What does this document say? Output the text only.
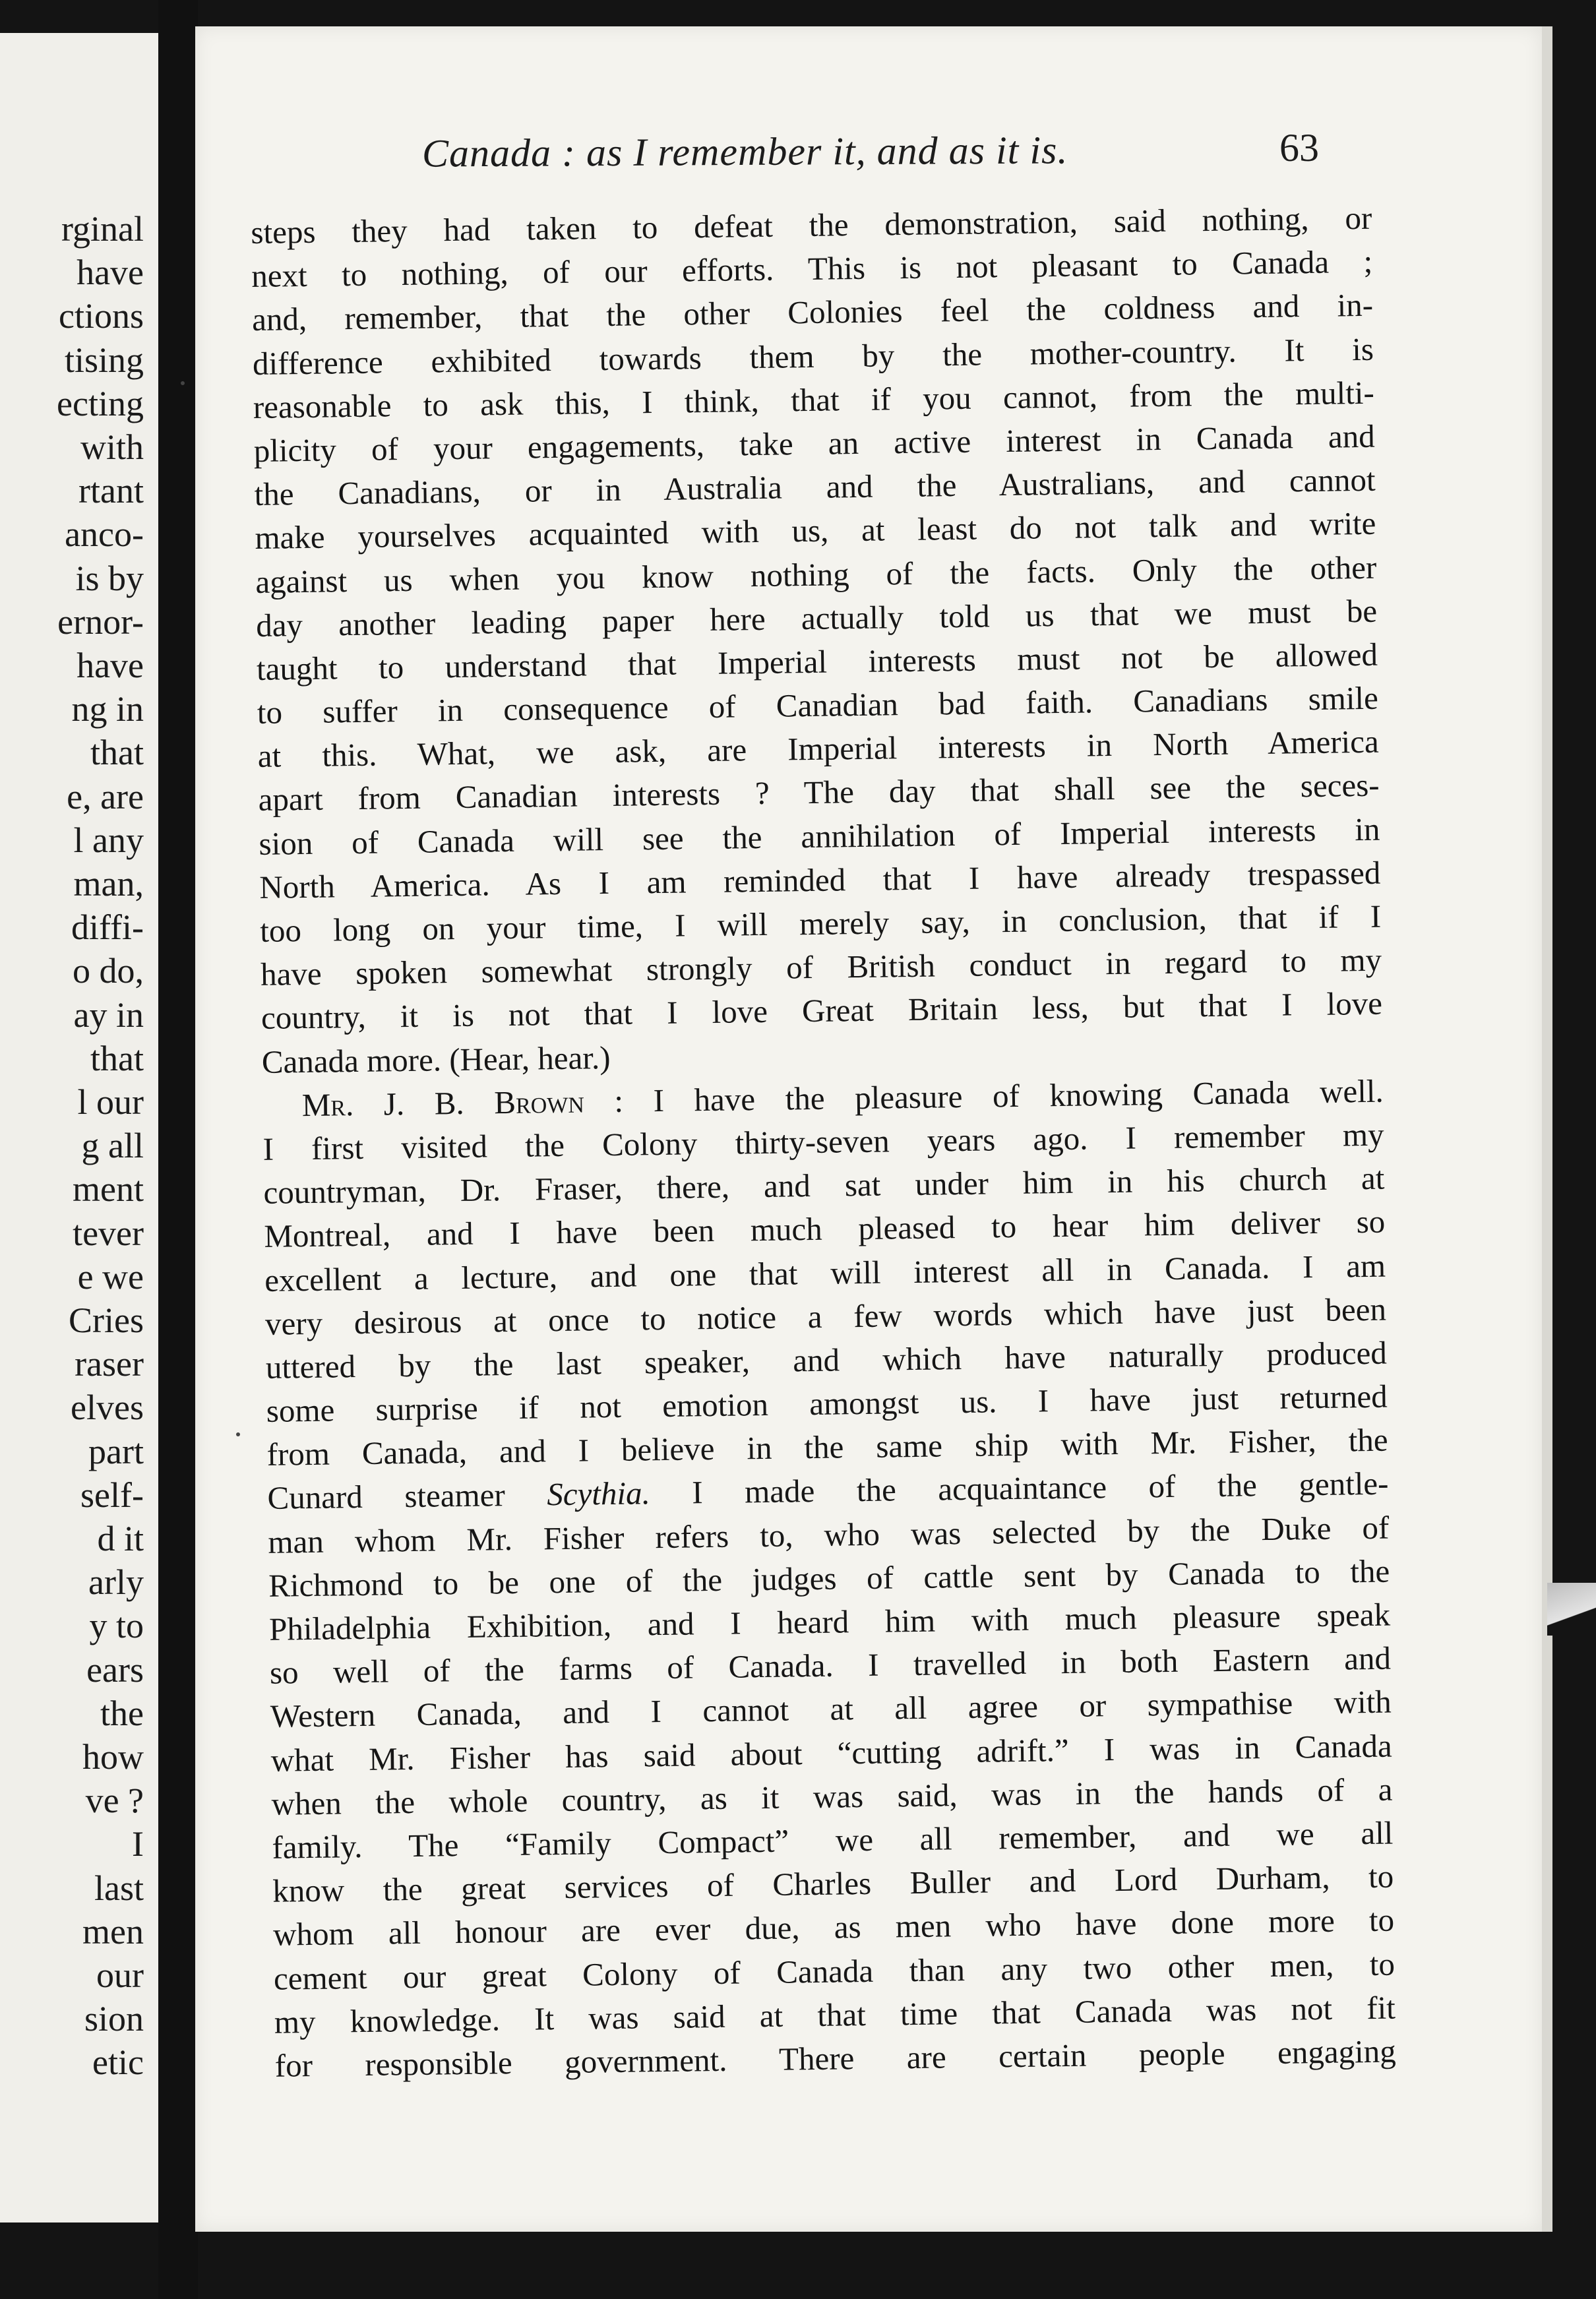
rginal
have
ctions
tising
ecting
with
rtant
anco-
is by
ernor-
have
ng in
that
e, are
l any
man,
diffi-
o do,
ay in
that
l our
g all
ment
tever
e we
Cries
raser
elves
part
self-
d it
arly
y to
ears
the
how
ve ?
I
last
men
our
sion
etic
Canada : as I remember it, and as it is.	63
steps they had taken to defeat the demonstration, said nothing, or
next to nothing, of our efforts. This is not pleasant to Canada ;
and, remember, that the other Colonies feel the coldness and in-
difference exhibited towards them by the mother-country. It is
reasonable to ask this, I think, that if you cannot, from the multi-
plicity of your engagements, take an active interest in Canada and
the Canadians, or in Australia and the Australians, and cannot
make yourselves acquainted with us, at least do not talk and write
against us when you know nothing of the facts. Only the other
day another leading paper here actually told us that we must be
taught to understand that Imperial interests must not be allowed
to suffer in consequence of Canadian bad faith. Canadians smile
at this. What, we ask, are Imperial interests in North America
apart from Canadian interests ? The day that shall see the seces-
sion of Canada will see the annihilation of Imperial interests in
North America. As I am reminded that I have already trespassed
too long on your time, I will merely say, in conclusion, that if I
have spoken somewhat strongly of British conduct in regard to my
country, it is not that I love Great Britain less, but that I love
Canada more. (Hear, hear.)
Mr. J. B. Brown : I have the pleasure of knowing Canada well.
I first visited the Colony thirty-seven years ago. I remember my
countryman, Dr. Fraser, there, and sat under him in his church at
Montreal, and I have been much pleased to hear him deliver so
excellent a lecture, and one that will interest all in Canada. I am
very desirous at once to notice a few words which have just been
uttered by the last speaker, and which have naturally produced
some surprise if not emotion amongst us. I have just returned
from Canada, and I believe in the same ship with Mr. Fisher, the
Cunard steamer Scythia. I made the acquaintance of the gentle-
man whom Mr. Fisher refers to, who was selected by the Duke of
Richmond to be one of the judges of cattle sent by Canada to the
Philadelphia Exhibition, and I heard him with much pleasure speak
so well of the farms of Canada. I travelled in both Eastern and
Western Canada, and I cannot at all agree or sympathise with
what Mr. Fisher has said about “cutting adrift.” I was in Canada
when the whole country, as it was said, was in the hands of a
family. The “Family Compact” we all remember, and we all
know the great services of Charles Buller and Lord Durham, to
whom all honour are ever due, as men who have done more to
cement our great Colony of Canada than any two other men, to
my knowledge. It was said at that time that Canada was not fit
for responsible government. There are certain people engaging
